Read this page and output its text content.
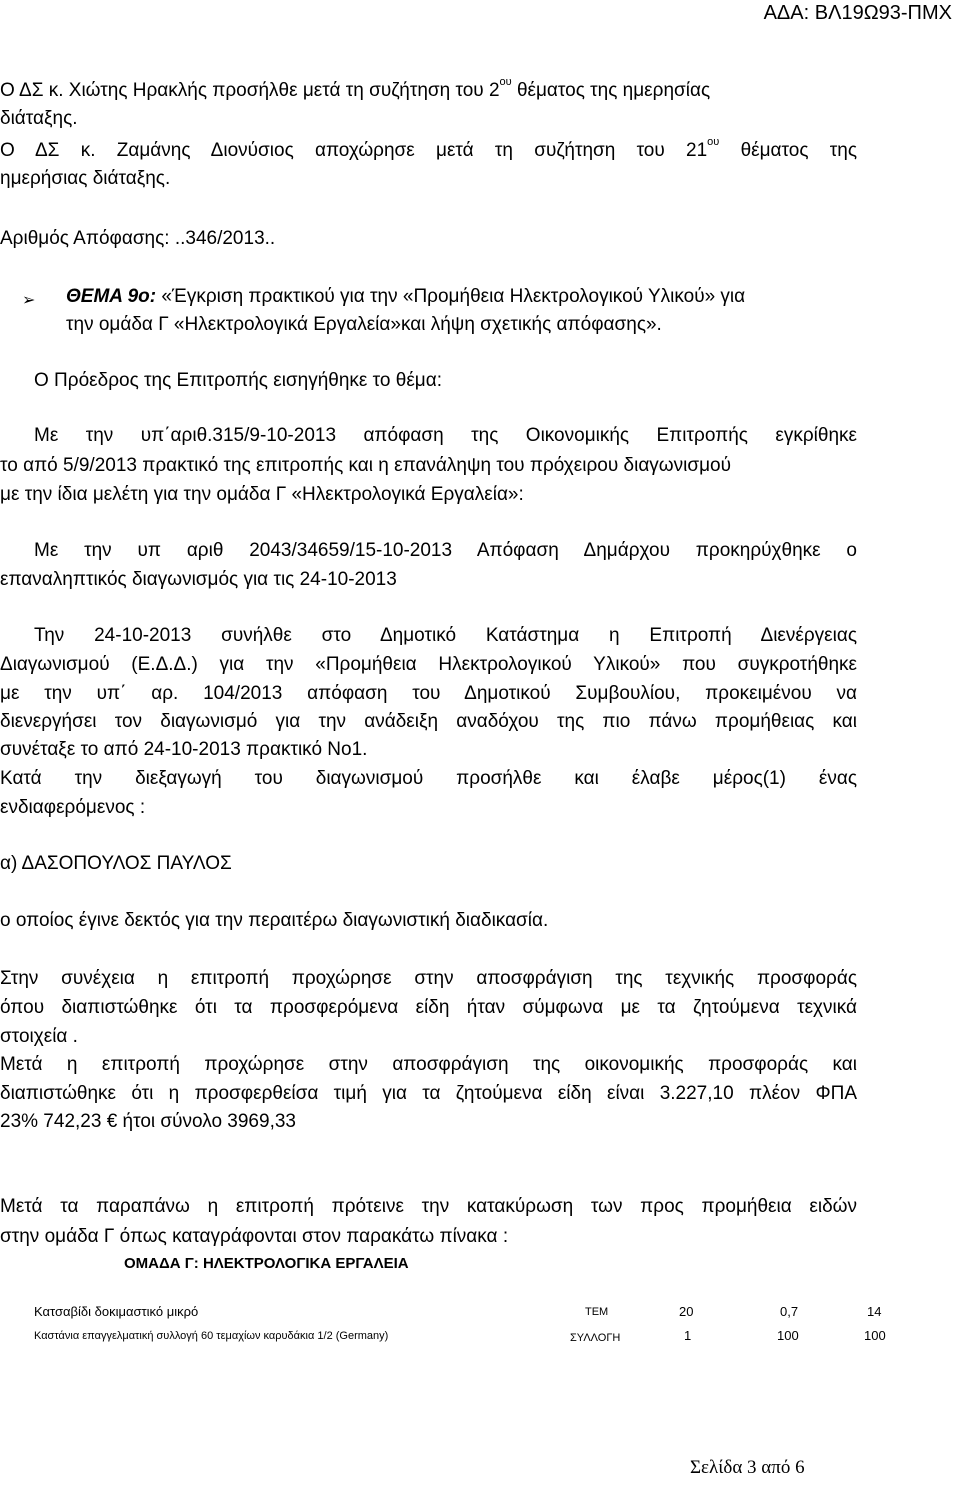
ΑΔΑ: ΒΛ19Ω93-ΠΜΧ
Ο ΔΣ κ. Χιώτης Ηρακλής προσήλθε μετά τη συζήτηση του $2^{o\upsilon}$ θέματος της ημερησίας
διάταξης.
Ο ΔΣ κ. Ζαμάνης Διονύσιος αποχώρησε μετά τη συζήτηση του $21^{o\upsilon}$ θέματος της
ημερήσιας διάταξης.
Αριθμός Απόφασης: ..346/2013..
➢ ΘΕΜΑ 9ο: «Έγκριση πρακτικού για την «Προμήθεια Ηλεκτρολογικού Υλικού» για
την ομάδα Γ «Ηλεκτρολογικά Εργαλεία»και λήψη σχετικής απόφασης».
Ο Πρόεδρος της Επιτροπής εισηγήθηκε το θέμα:
Με την υπ΄αριθ.315/9-10-2013 απόφαση της Οικονομικής Επιτροπής εγκρίθηκε
το από 5/9/2013 πρακτικό της επιτροπής και η επανάληψη του πρόχειρου διαγωνισμού
με την ίδια μελέτη για την ομάδα Γ «Ηλεκτρολογικά Εργαλεία»:
Με την υπ αριθ 2043/34659/15-10-2013 Απόφαση Δημάρχου προκηρύχθηκε ο
επαναληπτικός διαγωνισμός για τις 24-10-2013
Την 24-10-2013 συνήλθε στο Δημοτικό Κατάστημα η Επιτροπή Διενέργειας
Διαγωνισμού (Ε.Δ.Δ.) για την «Προμήθεια Ηλεκτρολογικού Υλικού» που συγκροτήθηκε
με την υπ΄ αρ. 104/2013 απόφαση του Δημοτικού Συμβουλίου, προκειμένου να
διενεργήσει τον διαγωνισμό για την ανάδειξη αναδόχου της πιο πάνω προμήθειας και
συνέταξε το από 24-10-2013 πρακτικό Νο1.
Κατά την διεξαγωγή του διαγωνισμού προσήλθε και έλαβε μέρος(1) ένας
ενδιαφερόμενος :
α) ΔΑΣΟΠΟΥΛΟΣ ΠΑΥΛΟΣ
ο οποίος έγινε δεκτός για την περαιτέρω διαγωνιστική διαδικασία.
Στην συνέχεια η επιτροπή προχώρησε στην αποσφράγιση της τεχνικής προσφοράς
όπου διαπιστώθηκε ότι τα προσφερόμενα είδη ήταν σύμφωνα με τα ζητούμενα τεχνικά
στοιχεία .
Μετά η επιτροπή προχώρησε στην αποσφράγιση της οικονομικής προσφοράς και
διαπιστώθηκε ότι η προσφερθείσα τιμή για τα ζητούμενα είδη είναι 3.227,10 πλέον ΦΠΑ
23% 742,23 € ήτοι σύνολο 3969,33
Μετά τα παραπάνω η επιτροπή πρότεινε την κατακύρωση των προς προμήθεια ειδών
στην ομάδα Γ όπως καταγράφονται στον παρακάτω πίνακα :
ΟΜΑΔΑ Γ: ΗΛΕΚΤΡΟΛΟΓΙΚΑ ΕΡΓΑΛΕΙΑ
Κατσαβίδι δοκιμαστικό μικρό	ΤΕΜ	20	0,7	14
Καστάνια επαγγελματική συλλογή 60 τεμαχίων καρυδάκια 1/2 (Germany)	ΣΥΛΛΟΓΗ	1	100	100
Σελίδα 3 από 6
